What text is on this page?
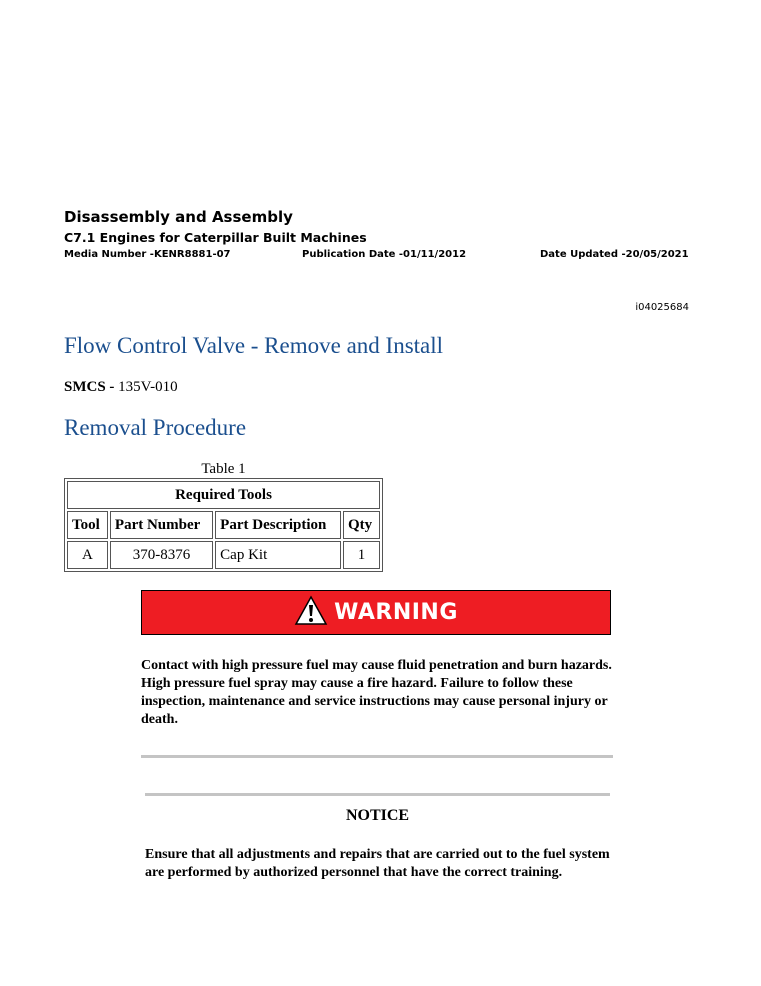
Disassembly and Assembly
C7.1 Engines for Caterpillar Built Machines
Media Number -KENR8881-07	Publication Date -01/11/2012	Date Updated -20/05/2021
i04025684
Flow Control Valve - Remove and Install
SMCS - 135V-010
Removal Procedure
Table 1
Required Tools			
Tool	Part Number	Part Description	Qty
A	370-8376	Cap Kit	1
WARNING
Contact with high pressure fuel may cause fluid penetration and burn hazards. High pressure fuel spray may cause a fire hazard. Failure to follow these inspection, maintenance and service instructions may cause personal injury or death.
NOTICE
Ensure that all adjustments and repairs that are carried out to the fuel system are performed by authorized personnel that have the correct training.
